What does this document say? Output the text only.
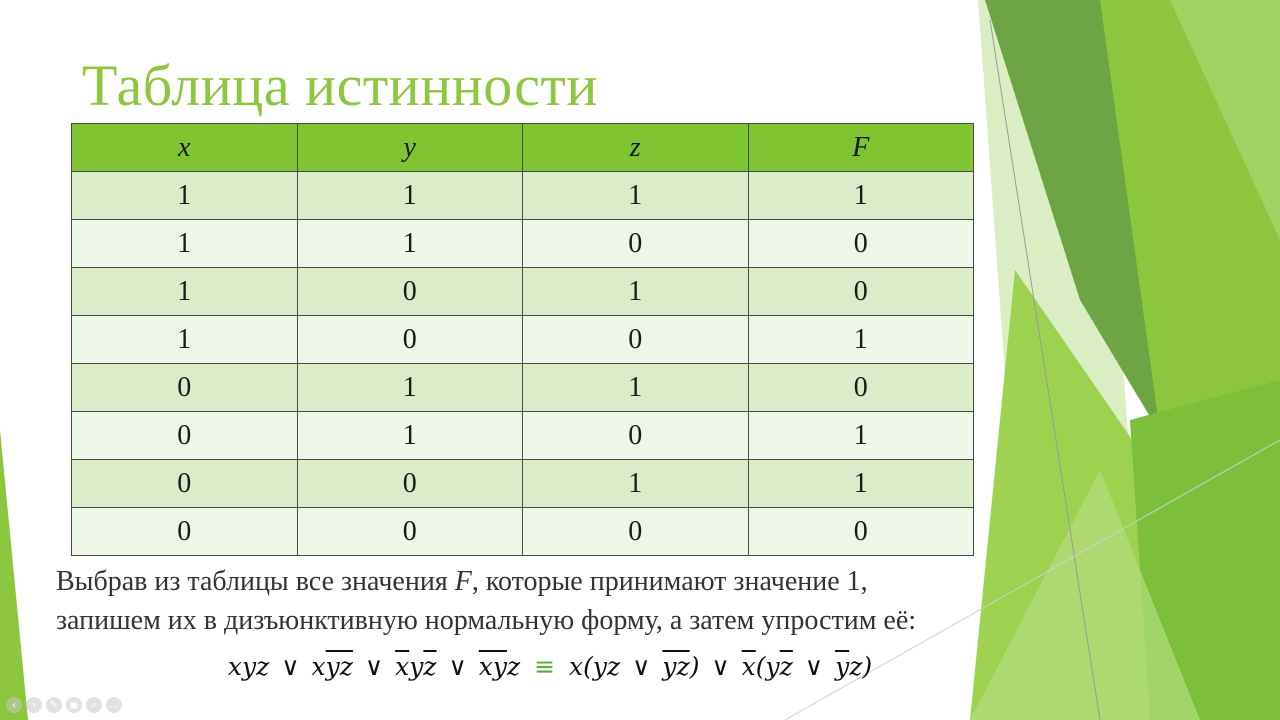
Таблица истинности
x	y	z	F
1	1	1	1
1	1	0	0
1	0	1	0
1	0	0	1
0	1	1	0
0	1	0	1
0	0	1	1
0	0	0	0
Выбрав из таблицы все значения F, которые принимают значение 1,
запишем их в дизъюнктивную нормальную форму, а затем упростим её:
xyz ∨ $x\overline{yz}$ ∨ $\overline{x}y\overline{z}$ ∨ $\overline{xy}z \equiv x(yz$ ∨ $\overline{yz}$) ∨ $\overline{x}(y\overline{z}$ ∨ $\overline{y}z$)
‹	›	✎	▣	⌕	…
